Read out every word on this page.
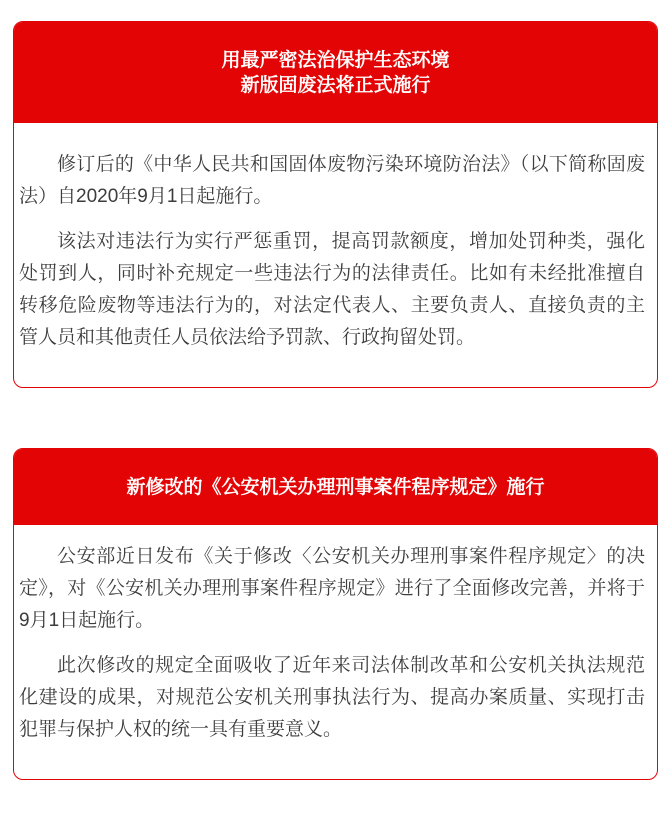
用最严密法治保护生态环境
新版固废法将正式施行

修订后的《中华人民共和国固体废物污染环境防治法》（以下简称固废法）自2020年9月1日起施行。

该法对违法行为实行严惩重罚，提高罚款额度，增加处罚种类，强化处罚到人，同时补充规定一些违法行为的法律责任。比如有未经批准擅自转移危险废物等违法行为的，对法定代表人、主要负责人、直接负责的主管人员和其他责任人员依法给予罚款、行政拘留处罚。

新修改的《公安机关办理刑事案件程序规定》施行

公安部近日发布《关于修改〈公安机关办理刑事案件程序规定〉的决定》，对《公安机关办理刑事案件程序规定》进行了全面修改完善，并将于9月1日起施行。

此次修改的规定全面吸收了近年来司法体制改革和公安机关执法规范化建设的成果，对规范公安机关刑事执法行为、提高办案质量、实现打击犯罪与保护人权的统一具有重要意义。
